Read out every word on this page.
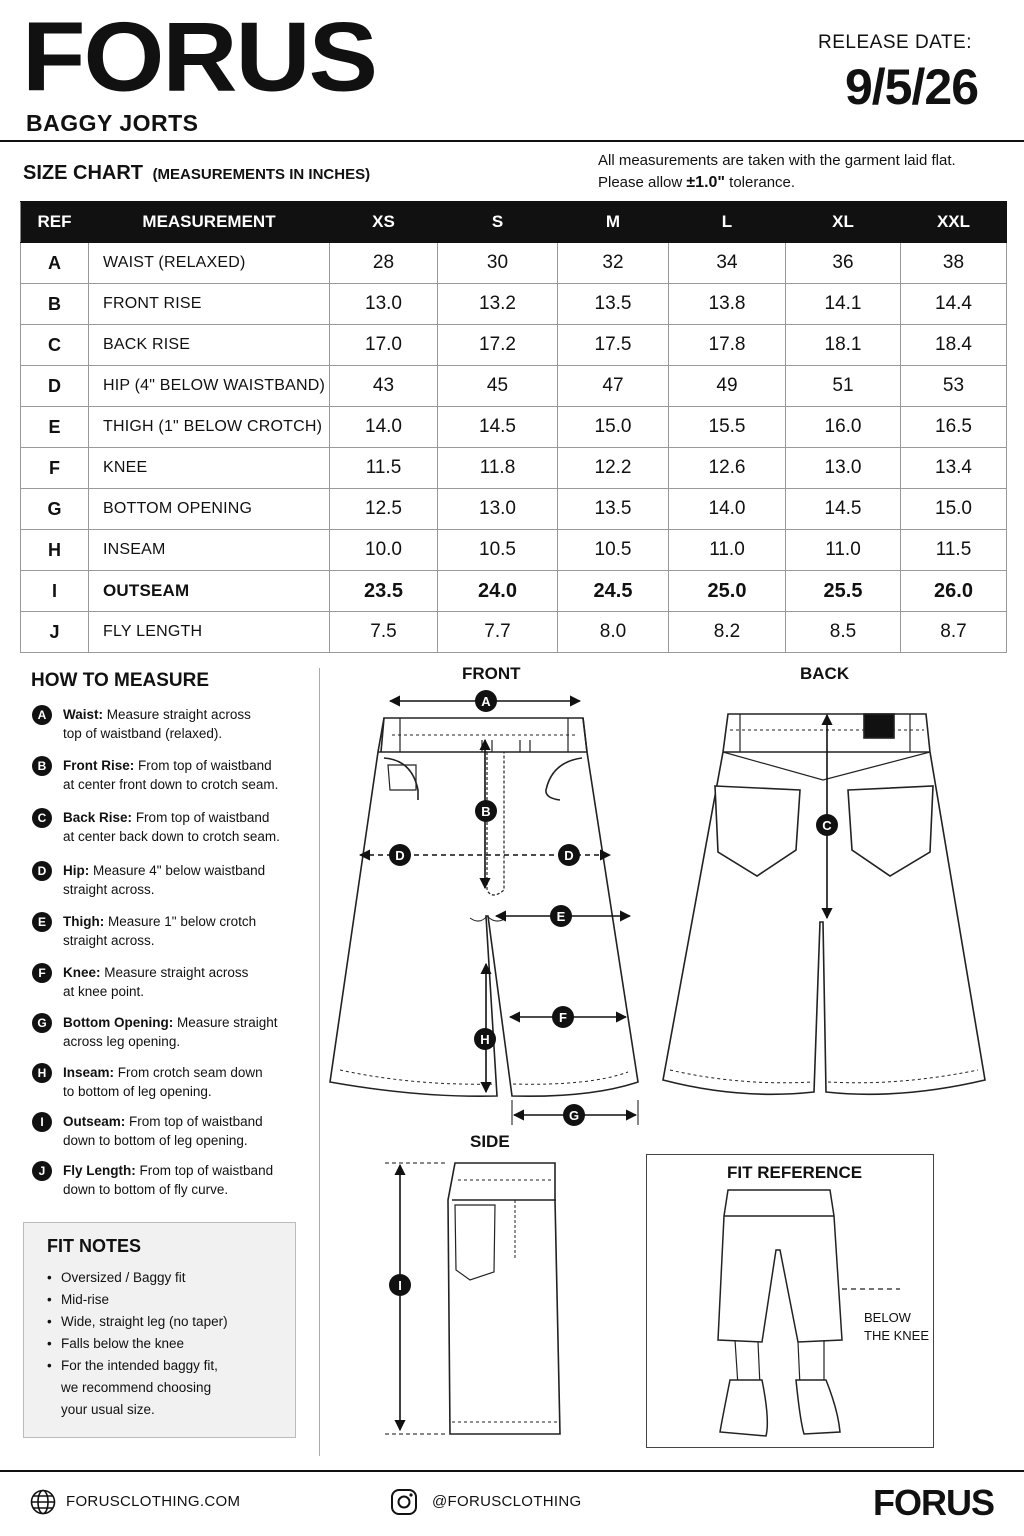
FORUS
BAGGY JORTS
RELEASE DATE:
9/5/26
SIZE CHART (MEASUREMENTS IN INCHES)
All measurements are taken with the garment laid flat.
Please allow ±1.0" tolerance.
REF	MEASUREMENT	XS	S	M	L	XL	XXL
A	WAIST (RELAXED)	28	30	32	34	36	38
B	FRONT RISE	13.0	13.2	13.5	13.8	14.1	14.4
C	BACK RISE	17.0	17.2	17.5	17.8	18.1	18.4
D	HIP (4" BELOW WAISTBAND)	43	45	47	49	51	53
E	THIGH (1" BELOW CROTCH)	14.0	14.5	15.0	15.5	16.0	16.5
F	KNEE	11.5	11.8	12.2	12.6	13.0	13.4
G	BOTTOM OPENING	12.5	13.0	13.5	14.0	14.5	15.0
H	INSEAM	10.0	10.5	10.5	11.0	11.0	11.5
I	OUTSEAM	23.5	24.0	24.5	25.0	25.5	26.0
J	FLY LENGTH	7.5	7.7	8.0	8.2	8.5	8.7
HOW TO MEASURE
A	Waist: Measure straight across
top of waistband (relaxed).
B	Front Rise: From top of waistband
at center front down to crotch seam.
C	Back Rise: From top of waistband
at center back down to crotch seam.
D	Hip: Measure 4" below waistband
straight across.
E	Thigh: Measure 1" below crotch
straight across.
F	Knee: Measure straight across
at knee point.
G	Bottom Opening: Measure straight
across leg opening.
H	Inseam: From crotch seam down
to bottom of leg opening.
I	Outseam: From top of waistband
down to bottom of leg opening.
J	Fly Length: From top of waistband
down to bottom of fly curve.
FIT NOTES
• Oversized / Baggy fit
• Mid-rise
• Wide, straight leg (no taper)
• Falls below the knee
• For the intended baggy fit,
we recommend choosing
your usual size.
FRONT	BACK
SIDE
FIT REFERENCE
BELOW
THE KNEE
A
B
D	D
E
F
H
G
C
I
FORUSCLOTHING.COM	@FORUSCLOTHING	FORUS
